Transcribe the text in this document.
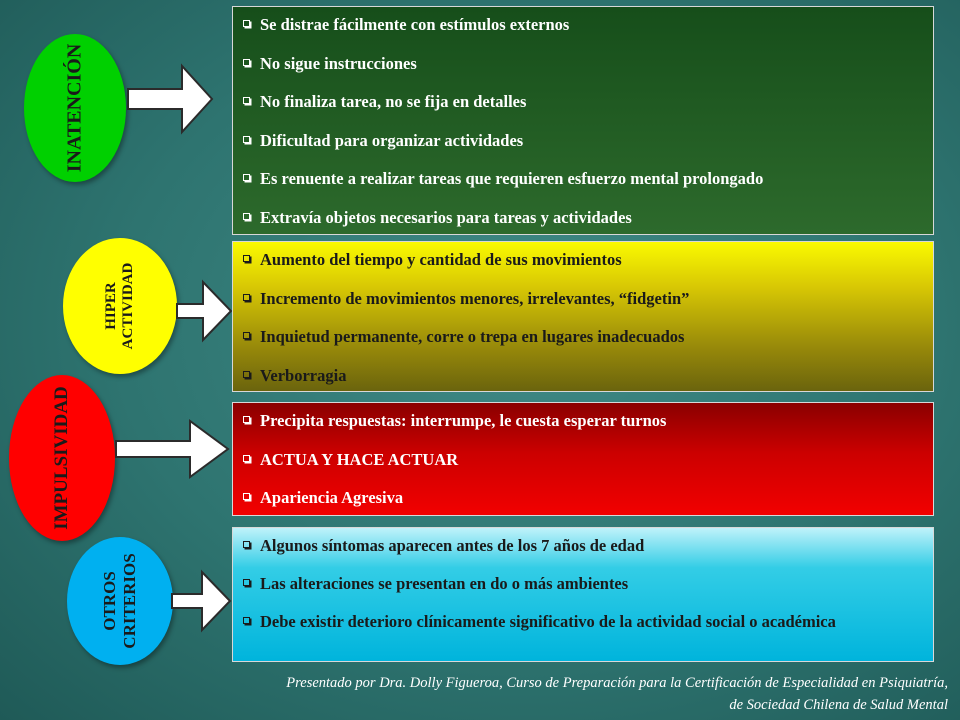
INATENCIÓN
HIPER ACTIVIDAD
IMPULSIVIDAD
OTROS CRITERIOS
Se distrae fácilmente con estímulos externos
No sigue instrucciones
No finaliza tarea, no se fija en detalles
Dificultad para organizar actividades
Es renuente a realizar tareas que requieren esfuerzo mental prolongado
Extravía objetos necesarios para tareas y actividades
Aumento del tiempo y cantidad de sus movimientos
Incremento de movimientos menores, irrelevantes, “fidgetin”
Inquietud permanente, corre o trepa en lugares inadecuados
Verborragia
Precipita respuestas: interrumpe, le cuesta esperar turnos
ACTUA Y HACE ACTUAR
Apariencia Agresiva
Algunos síntomas aparecen antes de los 7 años de edad
Las alteraciones se presentan en do o más ambientes
Debe existir deterioro clínicamente significativo de la actividad social o académica
Presentado por Dra. Dolly Figueroa, Curso de Preparación para la Certificación de Especialidad en Psiquiatría,
de Sociedad Chilena de Salud Mental
